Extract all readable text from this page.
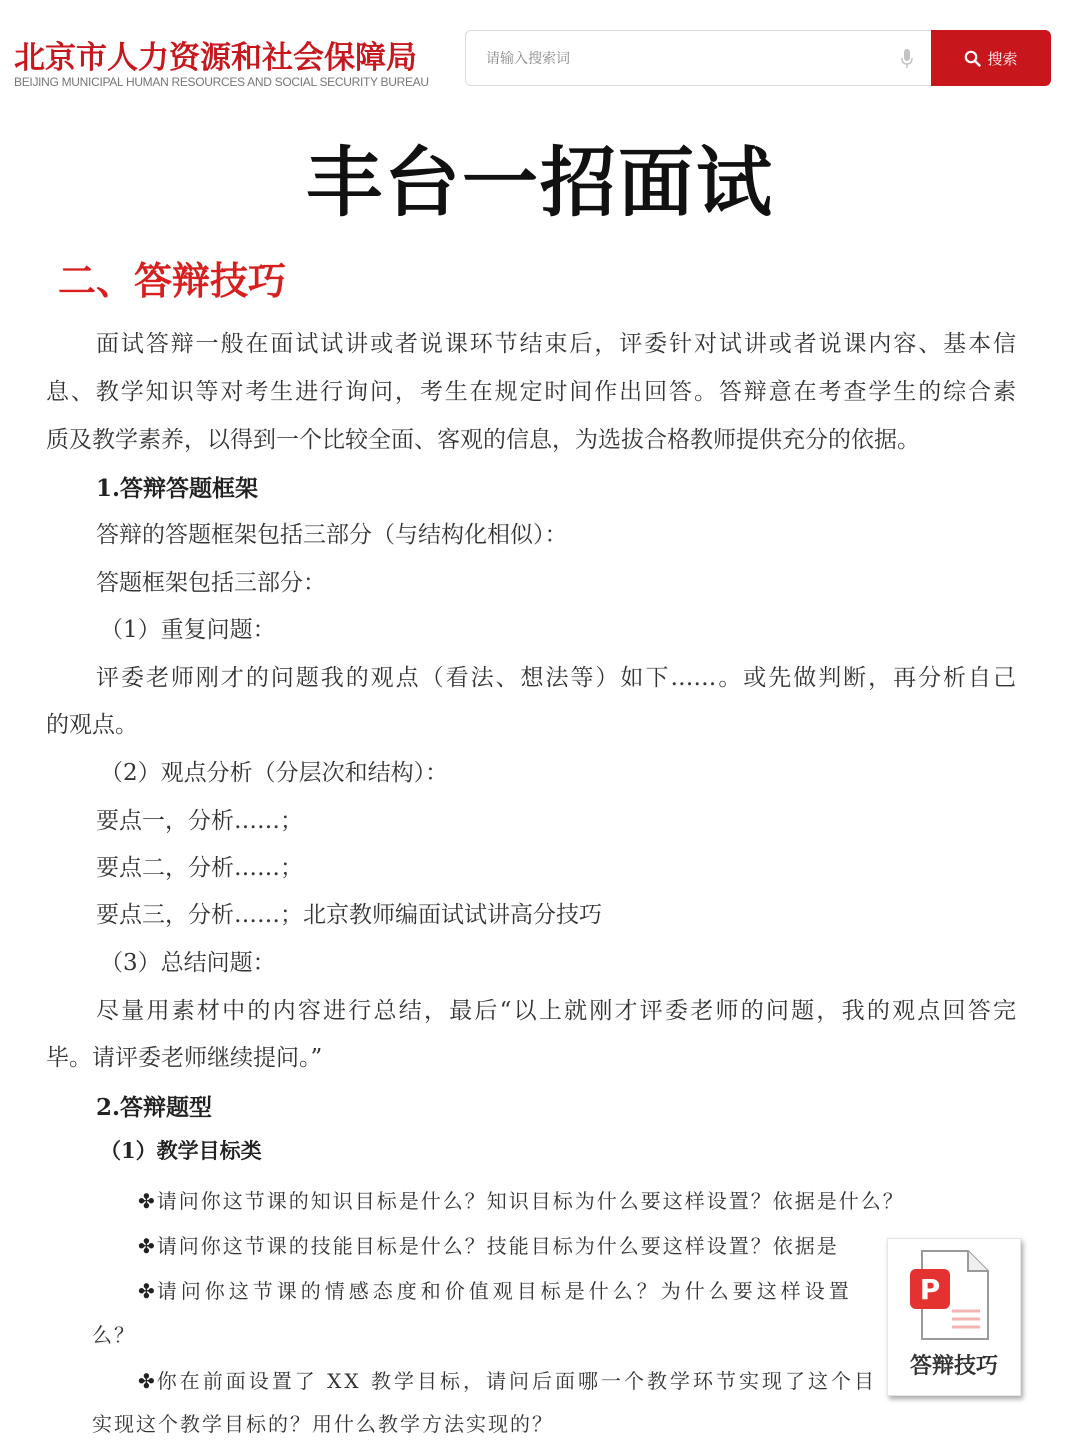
北京市人力资源和社会保障局
BEIJING MUNICIPAL HUMAN RESOURCES AND SOCIAL SECURITY BUREAU
请输入搜索词
搜索
丰台一招面试
二、答辩技巧
面试答辩一般在面试试讲或者说课环节结束后，评委针对试讲或者说课内容、基本信
息、教学知识等对考生进行询问，考生在规定时间作出回答。答辩意在考查学生的综合素
质及教学素养，以得到一个比较全面、客观的信息，为选拔合格教师提供充分的依据。
1.答辩答题框架
答辩的答题框架包括三部分（与结构化相似）：
答题框架包括三部分：
（1）重复问题：
评委老师刚才的问题我的观点（看法、想法等）如下……。或先做判断，再分析自己
的观点。
（2）观点分析（分层次和结构）：
要点一，分析……；
要点二，分析……；
要点三，分析……；北京教师编面试试讲高分技巧
（3）总结问题：
尽量用素材中的内容进行总结，最后“以上就刚才评委老师的问题，我的观点回答完
毕。请评委老师继续提问。”
2.答辩题型
（1）教学目标类
✤ 请问你这节课的知识目标是什么？知识目标为什么要这样设置？依据是什么？
✤ 请问你这节课的技能目标是什么？技能目标为什么要这样设置？依据是
✤ 请问你这节课的情感态度和价值观目标是什么？为什么要这样设置
么？
✤ 你在前面设置了 XX 教学目标，请问后面哪一个教学环节实现了这个目
实现这个教学目标的？用什么教学方法实现的？
P
答辩技巧
